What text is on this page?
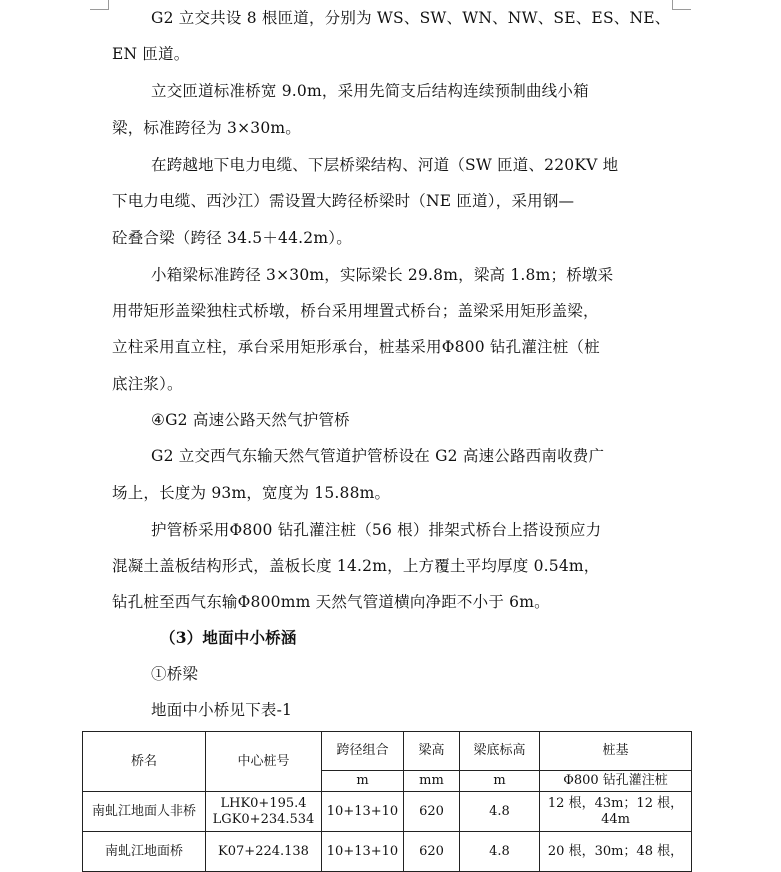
G2 立交共设 8 根匝道，分别为 WS、SW、WN、NW、SE、ES、NE、
EN 匝道。
立交匝道标准桥宽 9.0m，采用先简支后结构连续预制曲线小箱
梁，标准跨径为 3×30m。
在跨越地下电力电缆、下层桥梁结构、河道（SW 匝道、220KV 地
下电力电缆、西沙江）需设置大跨径桥梁时（NE 匝道），采用钢—
砼叠合梁（跨径 34.5＋44.2m）。
小箱梁标准跨径 3×30m，实际梁长 29.8m，梁高 1.8m；桥墩采
用带矩形盖梁独柱式桥墩，桥台采用埋置式桥台；盖梁采用矩形盖梁，
立柱采用直立柱，承台采用矩形承台，桩基采用Φ800 钻孔灌注桩（桩
底注浆）。
④G2 高速公路天然气护管桥
G2 立交西气东输天然气管道护管桥设在 G2 高速公路西南收费广
场上，长度为 93m，宽度为 15.88m。
护管桥采用Φ800 钻孔灌注桩（56 根）排架式桥台上搭设预应力
混凝土盖板结构形式，盖板长度 14.2m，上方覆土平均厚度 0.54m，
钻孔桩至西气东输Φ800mm 天然气管道横向净距不小于 6m。
（3）地面中小桥涵
①桥梁
地面中小桥见下表-1
桥名	中心桩号	跨径组合	梁高	梁底标高	桩基
		m	mm	m	Φ800 钻孔灌注桩
南虬江地面人非桥	LHK0+195.4
LGK0+234.534	10+13+10	620	4.8	12 根，43m；12 根，44m
南虬江地面桥	K07+224.138	10+13+10	620	4.8	20 根，30m；48 根，
